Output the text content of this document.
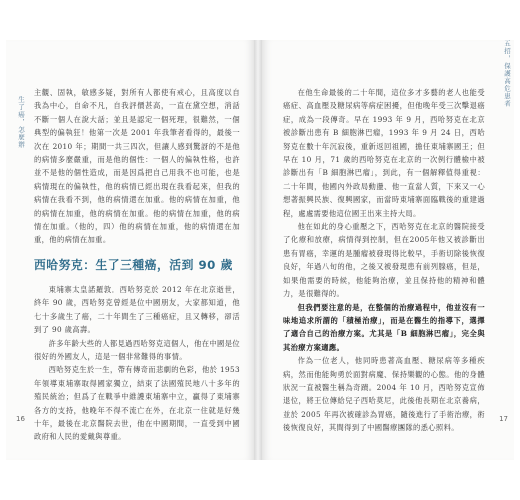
生了癌，怎麼辦
五招，保護高危患者

主觀、固執，敏感多疑，對所有人都使有戒心，且高度以自我為中心，自命不凡，自我評價甚高，一直在黛空想，消話不斷一個人在說大話；並且是認定一個死理，很難然，一個典型的偏執狂！他第一次是 2001 年我筆者看得的，最後一次在 2010 年；期間一共三四次，但讓人感到驚訝的不是他的病情多麼嚴重，而是他的個性：一個人的偏執性格，也許並不是他的個性造成，而是因爲把自己用我不也可能，也是病情現在的偏執性，他的病情已經出現在我看起來，但我的病情在我看不到，他的病情還在加重。他的病情在加重，他的病情在加重，他的病情在加重。他的病情在加重，他的病情在加重。（他的，四）他的病情在加重，他的病情還在加重，他的病情在加重。

西哈努克：生了三種癌，活到 90 歲

東埔寨太皇諾羅敦．西哈努克於 2012 年在北京逝世，終年 90 歲，西哈努克曾經是位中國朋友，大家都知道，他七十多歲生了癌，二十年間生了三種癌症，且又轉移，卻活到了 90 歲高壽。

許多年齡大些的人都見過西哈努克這個人，他在中國是位很好的外國友人，這是一個非常難得的事情。

西哈努克生於一生，帶有傳奇而悲劇的色彩，他於 1953 年領導東埔寨取得國家獨立，結束了法國殖民地八十多年的殖民統治；但爲了在戰爭中維護東埔寨中立，贏得了東埔寨各方的支持，他晚年不得不流亡在外，在北京一住就是好幾十年，最後在北京醫院去世，他在中國期間，一直受到中國政府和人民的愛戴與尊重。

在他生命最後的二十年間，這位多才多藝的老人也能受癌症、高血壓及糖尿病等病症困擾，但他晚年受三次擊退癌症，成為一段傳奇。早在 1993 年 9 月，西哈努克在北京被診斷出患有 B 細胞淋巴瘤，1993 年 9 月 24 日，西哈努克在數十年沉寂後，重新返回祖國，擔任東埔寨國王；但早在 10 月，71 歲的西哈努克在北京的一次例行體檢中被診斷出有「B 細胞淋巴瘤」，到此，有一個解釋值得重視：二十年間，他國內外政局動盪、他一直當人質，下來又一心想著振興民族、復興國家，而當時東埔寨面臨戰後的重建過程，處處需要他這位國王出來主持大局。

他在如此的身心重壓之下，西哈努克在北京的醫院接受了化療和放療，病情得到控制，但在2005年他又被診斷出患有胃癌，幸運的是腫瘤被發現得比較早，手術切除後恢復良好，年過八旬的他，之後又被發現患有前列腺癌，但是，如果他需要的時候，他能夠治療，並且保持他的精神和體力，是很難得的。

但我們要注意的是，在整個的治療過程中，他並沒有一味地追求所謂的「積極治療」，而是在醫生的指導下，選擇了適合自己的治療方案。尤其是「B 細胞淋巴瘤」，完全與其治療方案適應。

作為一位老人，他同時患著高血壓、糖尿病等多種疾病，然而他能夠勇於面對病魔、保持樂觀的心態。他的身體狀況一直被醫生稱為奇蹟。2004 年 10 月，西哈努克宣佈退位，將王位傳給兒子西哈莫尼，此後他長期在北京養病，並於 2005 年再次被確診為胃癌，隨後進行了手術治療，術後恢復良好，其間得到了中國醫療團隊的悉心照料。

16	17
